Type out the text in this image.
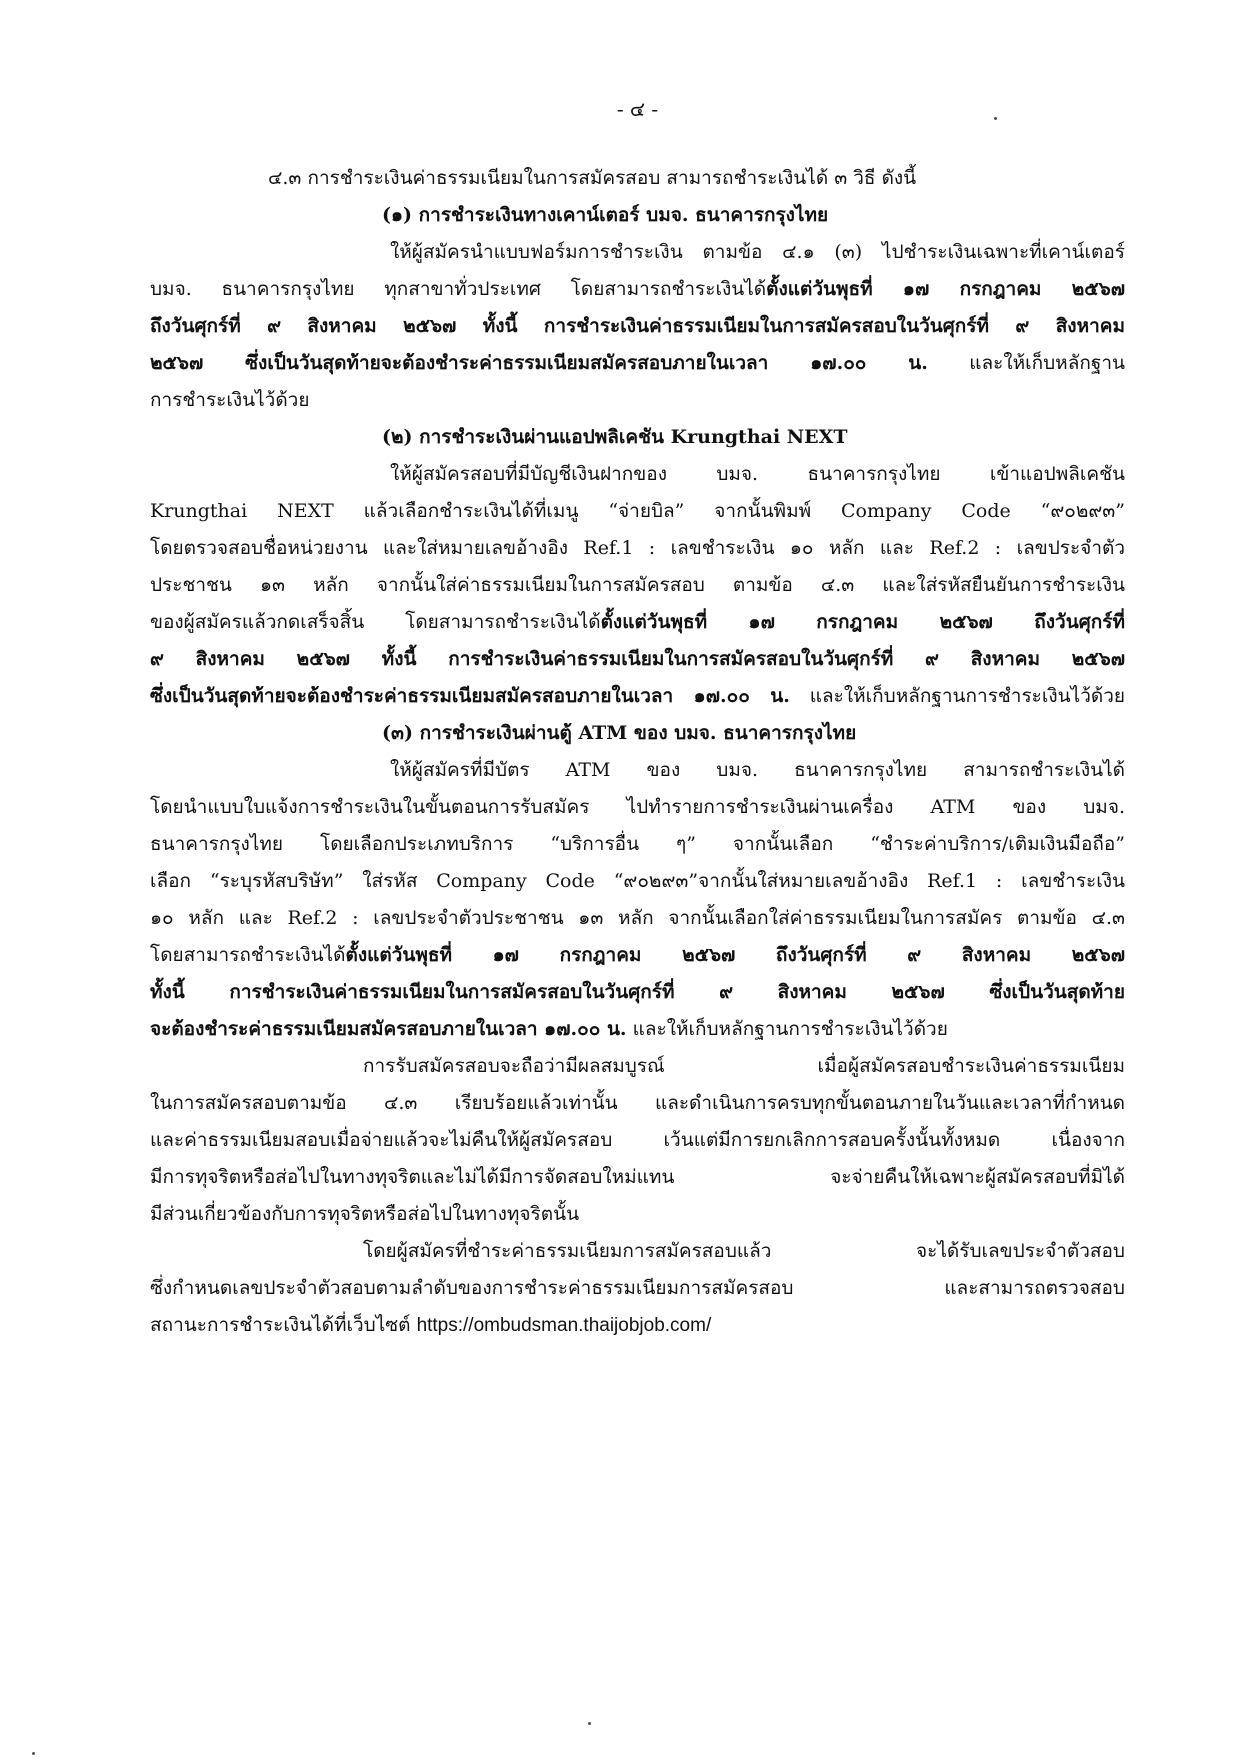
- ๔ -

๔.๓ การชำระเงินค่าธรรมเนียมในการสมัครสอบ สามารถชำระเงินได้ ๓ วิธี ดังนี้

(๑) การชำระเงินทางเคาน์เตอร์ บมจ. ธนาคารกรุงไทย

ให้ผู้สมัครนำแบบฟอร์มการชำระเงิน ตามข้อ ๔.๑ (๓) ไปชำระเงินเฉพาะที่เคาน์เตอร์

บมจ. ธนาคารกรุงไทย ทุกสาขาทั่วประเทศ โดยสามารถชำระเงินได้ตั้งแต่วันพุธที่ ๑๗ กรกฎาคม ๒๕๖๗

ถึงวันศุกร์ที่ ๙ สิงหาคม ๒๕๖๗ ทั้งนี้ การชำระเงินค่าธรรมเนียมในการสมัครสอบในวันศุกร์ที่ ๙ สิงหาคม

๒๕๖๗ ซึ่งเป็นวันสุดท้ายจะต้องชำระค่าธรรมเนียมสมัครสอบภายในเวลา ๑๗.๐๐ น. และให้เก็บหลักฐาน

การชำระเงินไว้ด้วย

(๒) การชำระเงินผ่านแอปพลิเคชัน Krungthai NEXT

ให้ผู้สมัครสอบที่มีบัญชีเงินฝากของ บมจ. ธนาคารกรุงไทย เข้าแอปพลิเคชัน

Krungthai NEXT แล้วเลือกชำระเงินได้ที่เมนู “จ่ายบิล” จากนั้นพิมพ์ Company Code “๙๐๒๙๓”

โดยตรวจสอบชื่อหน่วยงาน และใส่หมายเลขอ้างอิง Ref.1 : เลขชำระเงิน ๑๐ หลัก และ Ref.2 : เลขประจำตัว

ประชาชน ๑๓ หลัก จากนั้นใส่ค่าธรรมเนียมในการสมัครสอบ ตามข้อ ๔.๓ และใส่รหัสยืนยันการชำระเงิน

ของผู้สมัครแล้วกดเสร็จสิ้น โดยสามารถชำระเงินได้ตั้งแต่วันพุธที่ ๑๗ กรกฎาคม ๒๕๖๗ ถึงวันศุกร์ที่

๙ สิงหาคม ๒๕๖๗ ทั้งนี้ การชำระเงินค่าธรรมเนียมในการสมัครสอบในวันศุกร์ที่ ๙ สิงหาคม ๒๕๖๗

ซึ่งเป็นวันสุดท้ายจะต้องชำระค่าธรรมเนียมสมัครสอบภายในเวลา ๑๗.๐๐ น. และให้เก็บหลักฐานการชำระเงินไว้ด้วย

(๓) การชำระเงินผ่านตู้ ATM ของ บมจ. ธนาคารกรุงไทย

ให้ผู้สมัครที่มีบัตร ATM ของ บมจ. ธนาคารกรุงไทย สามารถชำระเงินได้

โดยนำแบบใบแจ้งการชำระเงินในขั้นตอนการรับสมัคร ไปทำรายการชำระเงินผ่านเครื่อง ATM ของ บมจ.

ธนาคารกรุงไทย โดยเลือกประเภทบริการ “บริการอื่น ๆ” จากนั้นเลือก “ชำระค่าบริการ/เติมเงินมือถือ”

เลือก “ระบุรหัสบริษัท” ใส่รหัส Company Code “๙๐๒๙๓”จากนั้นใส่หมายเลขอ้างอิง Ref.1 : เลขชำระเงิน

๑๐ หลัก และ Ref.2 : เลขประจำตัวประชาชน ๑๓ หลัก จากนั้นเลือกใส่ค่าธรรมเนียมในการสมัคร ตามข้อ ๔.๓

โดยสามารถชำระเงินได้ตั้งแต่วันพุธที่ ๑๗ กรกฎาคม ๒๕๖๗ ถึงวันศุกร์ที่ ๙ สิงหาคม ๒๕๖๗

ทั้งนี้ การชำระเงินค่าธรรมเนียมในการสมัครสอบในวันศุกร์ที่ ๙ สิงหาคม ๒๕๖๗ ซึ่งเป็นวันสุดท้าย

จะต้องชำระค่าธรรมเนียมสมัครสอบภายในเวลา ๑๗.๐๐ น. และให้เก็บหลักฐานการชำระเงินไว้ด้วย

การรับสมัครสอบจะถือว่ามีผลสมบูรณ์ เมื่อผู้สมัครสอบชำระเงินค่าธรรมเนียม

ในการสมัครสอบตามข้อ ๔.๓ เรียบร้อยแล้วเท่านั้น และดำเนินการครบทุกขั้นตอนภายในวันและเวลาที่กำหนด

และค่าธรรมเนียมสอบเมื่อจ่ายแล้วจะไม่คืนให้ผู้สมัครสอบ เว้นแต่มีการยกเลิกการสอบครั้งนั้นทั้งหมด เนื่องจาก

มีการทุจริตหรือส่อไปในทางทุจริตและไม่ได้มีการจัดสอบใหม่แทน จะจ่ายคืนให้เฉพาะผู้สมัครสอบที่มิได้

มีส่วนเกี่ยวข้องกับการทุจริตหรือส่อไปในทางทุจริตนั้น

โดยผู้สมัครที่ชำระค่าธรรมเนียมการสมัครสอบแล้ว จะได้รับเลขประจำตัวสอบ

ซึ่งกำหนดเลขประจำตัวสอบตามลำดับของการชำระค่าธรรมเนียมการสมัครสอบ และสามารถตรวจสอบ

สถานะการชำระเงินได้ที่เว็บไซต์ https://ombudsman.thaijobjob.com/
